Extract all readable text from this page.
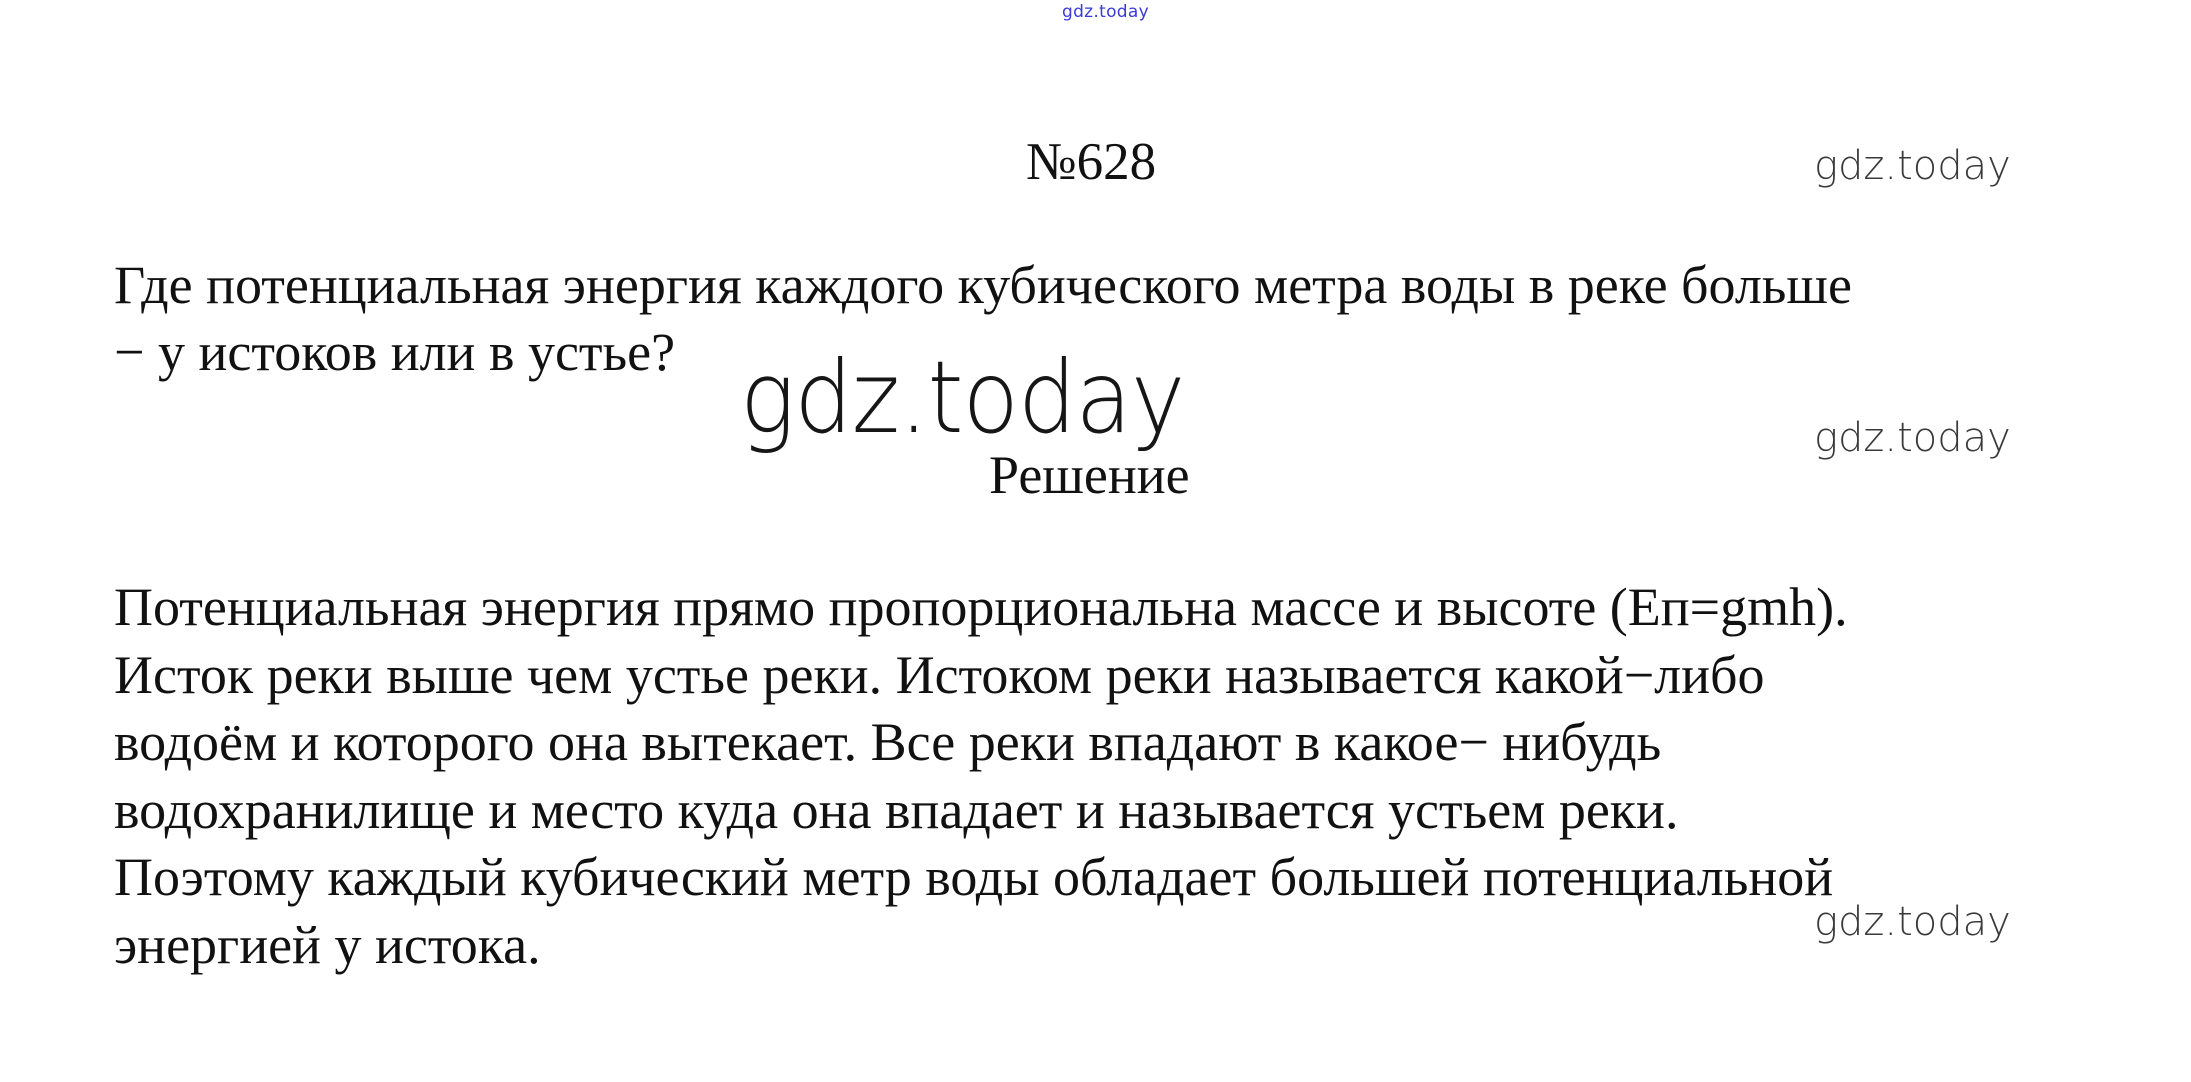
gdz.today
№628	gdz.today

Где потенциальная энергия каждого кубического метра воды в реке больше
− у истоков или в устье? gdz.today	gdz.today
Решение

Потенциальная энергия прямо пропорциональна массе и высоте (Еп=gmh).
Исток реки выше чем устье реки. Истоком реки называется какой−либо
водоём и которого она вытекает. Все реки впадают в какое− нибудь
водохранилище и место куда она впадает и называется устьем реки.
Поэтому каждый кубический метр воды обладает большей потенциальной
энергией у истока.	gdz.today
